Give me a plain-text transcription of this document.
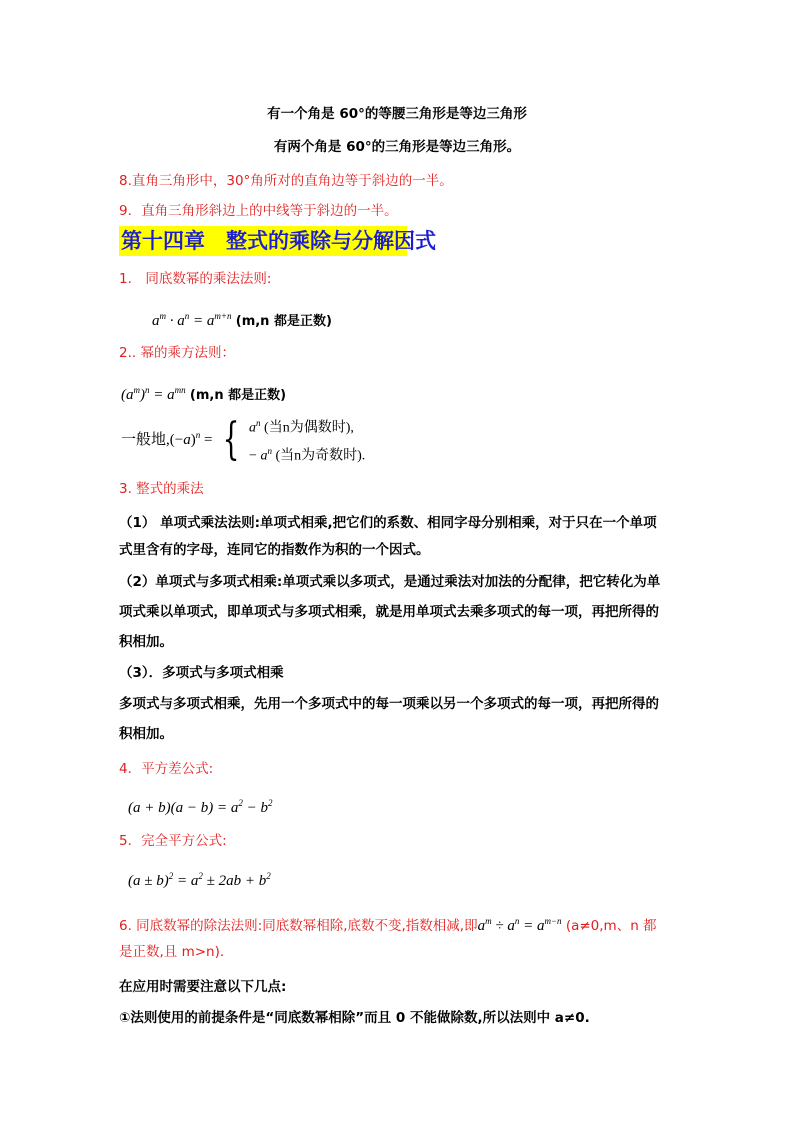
有一个角是 60°的等腰三角形是等边三角形
有两个角是 60°的三角形是等边三角形。
8.直角三角形中，30°角所对的直角边等于斜边的一半。
9．直角三角形斜边上的中线等于斜边的一半。
第十四章　整式的乘除与分解因式
1.　同底数幂的乘法法则:
$a^m \cdot a^n = a^{m+n}$ (m,n 都是正数)
2.. 幂的乘方法则：
$(a^m)^n = a^{mn}$ (m,n 都是正数)
一般地$,(-a)^n$ = { $a^n$ (当n为偶数时),
− $a^n$ (当n为奇数时).
3. 整式的乘法
（1） 单项式乘法法则:单项式相乘,把它们的系数、相同字母分别相乘，对于只在一个单项
式里含有的字母，连同它的指数作为积的一个因式。
（2）单项式与多项式相乘:单项式乘以多项式，是通过乘法对加法的分配律，把它转化为单
项式乘以单项式，即单项式与多项式相乘，就是用单项式去乘多项式的每一项，再把所得的
积相加。
（3）．多项式与多项式相乘
多项式与多项式相乘，先用一个多项式中的每一项乘以另一个多项式的每一项，再把所得的
积相加。
4．平方差公式:
$(a + b)(a - b) = a^2 - b^2$
5．完全平方公式:
$(a \pm b)^2 = a^2 \pm 2ab + b^2$
6. 同底数幂的除法法则:同底数幂相除,底数不变,指数相减,即$a^m \div a^n = a^{m-n}$ (a≠0,m、n 都
是正数,且 m>n).
在应用时需要注意以下几点:
①法则使用的前提条件是“同底数幂相除”而且 0 不能做除数,所以法则中 a≠0.
